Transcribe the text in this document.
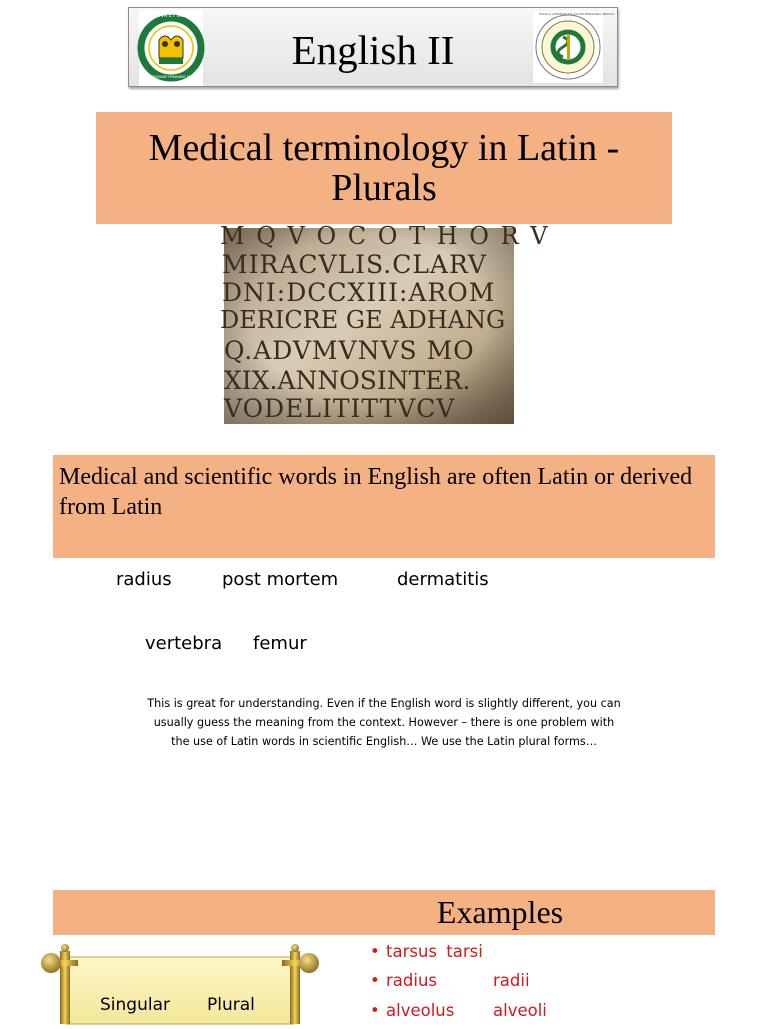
NOVA ET NOVE
UNIVERSIDADE FERNANDO PESSOA
English II
ESCOLA SUPERIOR DE SAÚDE FERNANDO PESSOA
Medical terminology in Latin -
Plurals
M Q V O C O T H O R V
MIRACVLIS.CLARV
DNI:DCCXIII:AROM
DERICRE GE ADHANG
Q.ADVMVNVS MO
XIX.ANNOSINTER.
VODELITITTVCV
Medical and scientific words in English are often Latin or derived from Latin
radius	post mortem	dermatitis
vertebra femur
This is great for understanding. Even if the English word is slightly different, you can
usually guess the meaning from the context. However – there is one problem with
the use of Latin words in scientific English… We use the Latin plural forms…
Examples
Singular Plural
• tarsus tarsi
• radius	radii
• alveolus alveoli
